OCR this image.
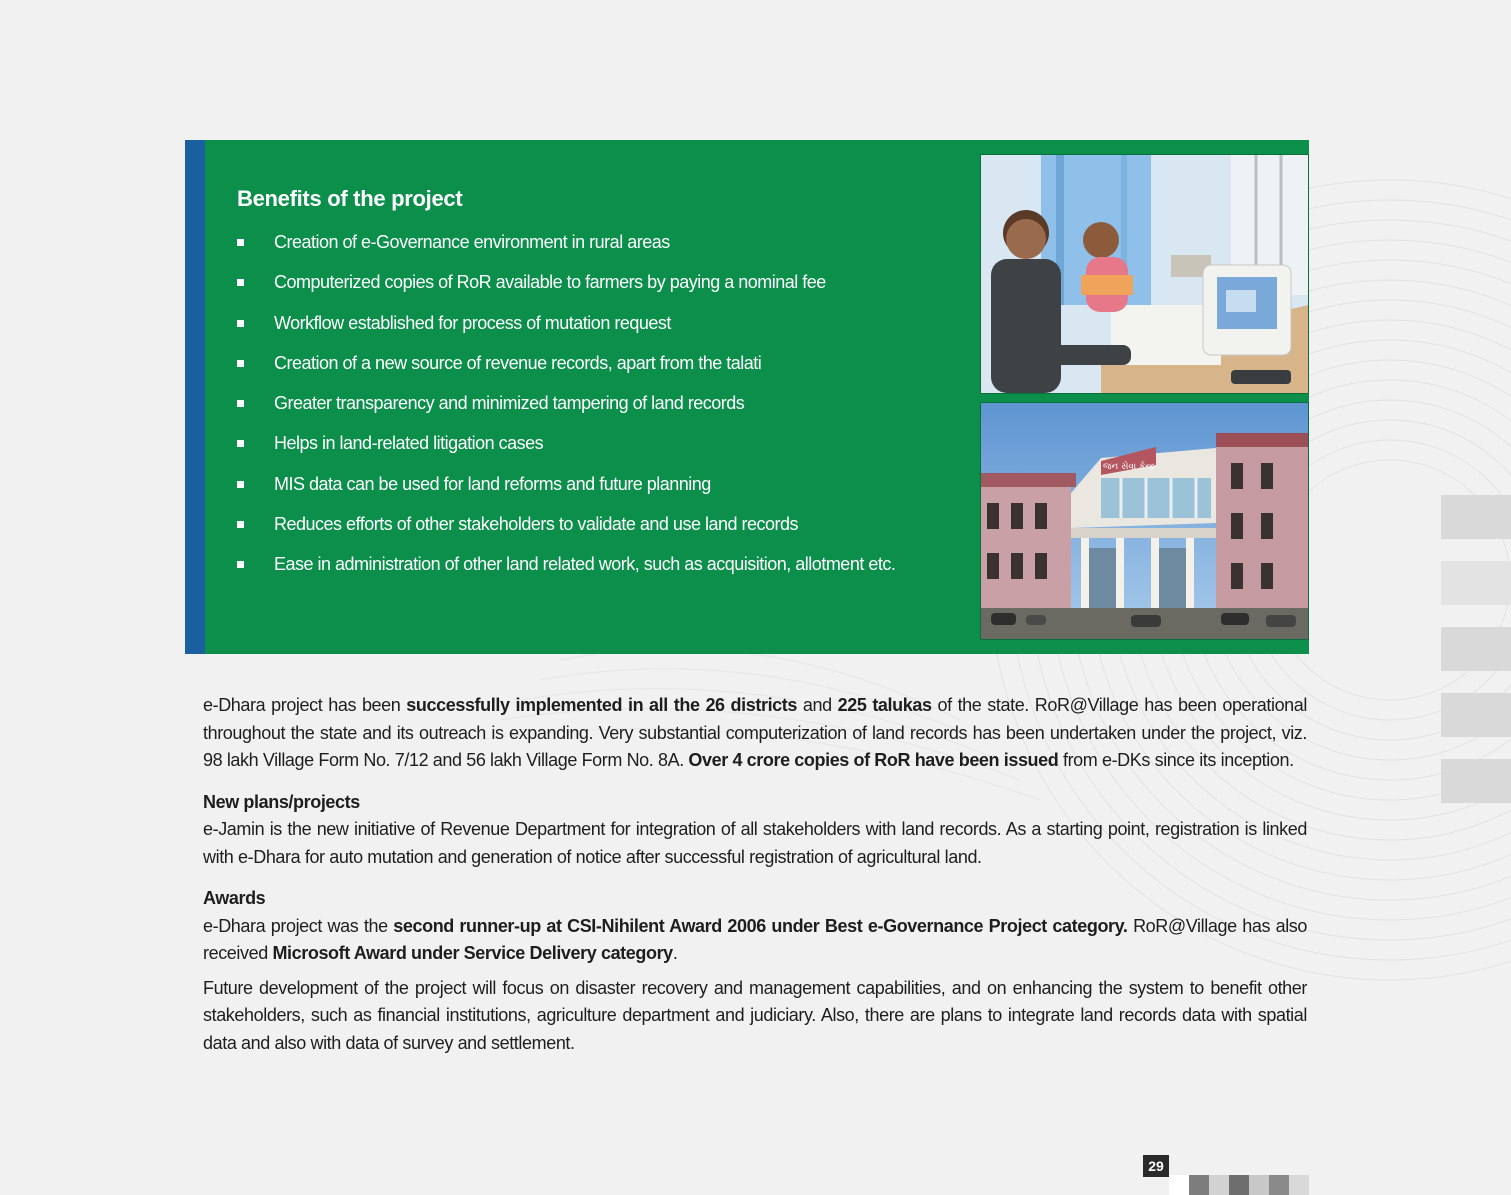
Benefits of the project
Creation of e-Governance environment in rural areas
Computerized copies of RoR available to farmers by paying a nominal fee
Workflow established for process of mutation request
Creation of a new source of revenue records, apart from the talati
Greater transparency and minimized tampering of land records
Helps in land-related litigation cases
MIS data can be used for land reforms and future planning
Reduces efforts of other stakeholders to validate and use land records
Ease in administration of other land related work, such as acquisition, allotment etc.
જન સેવા કેન્દ્ર

e-Dhara project has been successfully implemented in all the 26 districts and 225 talukas of the state. RoR@Village has been operational throughout the state and its outreach is expanding. Very substantial computerization of land records has been undertaken under the project, viz. 98 lakh Village Form No. 7/12 and 56 lakh Village Form No. 8A. Over 4 crore copies of RoR have been issued from e-DKs since its inception.

New plans/projects

e-Jamin is the new initiative of Revenue Department for integration of all stakeholders with land records. As a starting point, registration is linked with e-Dhara for auto mutation and generation of notice after successful registration of agricultural land.

Awards

e-Dhara project was the second runner-up at CSI-Nihilent Award 2006 under Best e-Governance Project category. RoR@Village has also received Microsoft Award under Service Delivery category.

Future development of the project will focus on disaster recovery and management capabilities, and on enhancing the system to benefit other stakeholders, such as financial institutions, agriculture department and judiciary. Also, there are plans to integrate land records data with spatial data and also with data of survey and settlement.

29
